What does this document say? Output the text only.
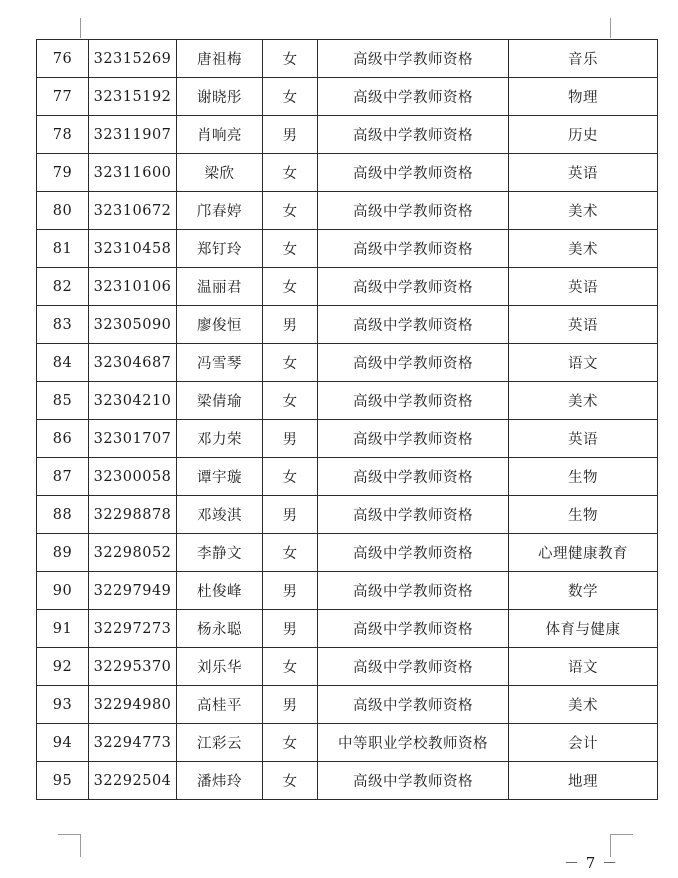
76	32315269	唐祖梅	女	高级中学教师资格	音乐
77	32315192	谢晓彤	女	高级中学教师资格	物理
78	32311907	肖响亮	男	高级中学教师资格	历史
79	32311600	梁欣	女	高级中学教师资格	英语
80	32310672	邝春婷	女	高级中学教师资格	美术
81	32310458	郑钉玲	女	高级中学教师资格	美术
82	32310106	温丽君	女	高级中学教师资格	英语
83	32305090	廖俊恒	男	高级中学教师资格	英语
84	32304687	冯雪琴	女	高级中学教师资格	语文
85	32304210	梁倩瑜	女	高级中学教师资格	美术
86	32301707	邓力荣	男	高级中学教师资格	英语
87	32300058	谭宇璇	女	高级中学教师资格	生物
88	32298878	邓竣淇	男	高级中学教师资格	生物
89	32298052	李静文	女	高级中学教师资格	心理健康教育
90	32297949	杜俊峰	男	高级中学教师资格	数学
91	32297273	杨永聪	男	高级中学教师资格	体育与健康
92	32295370	刘乐华	女	高级中学教师资格	语文
93	32294980	高桂平	男	高级中学教师资格	美术
94	32294773	江彩云	女	中等职业学校教师资格	会计
95	32292504	潘炜玲	女	高级中学教师资格	地理
－ 7 －
